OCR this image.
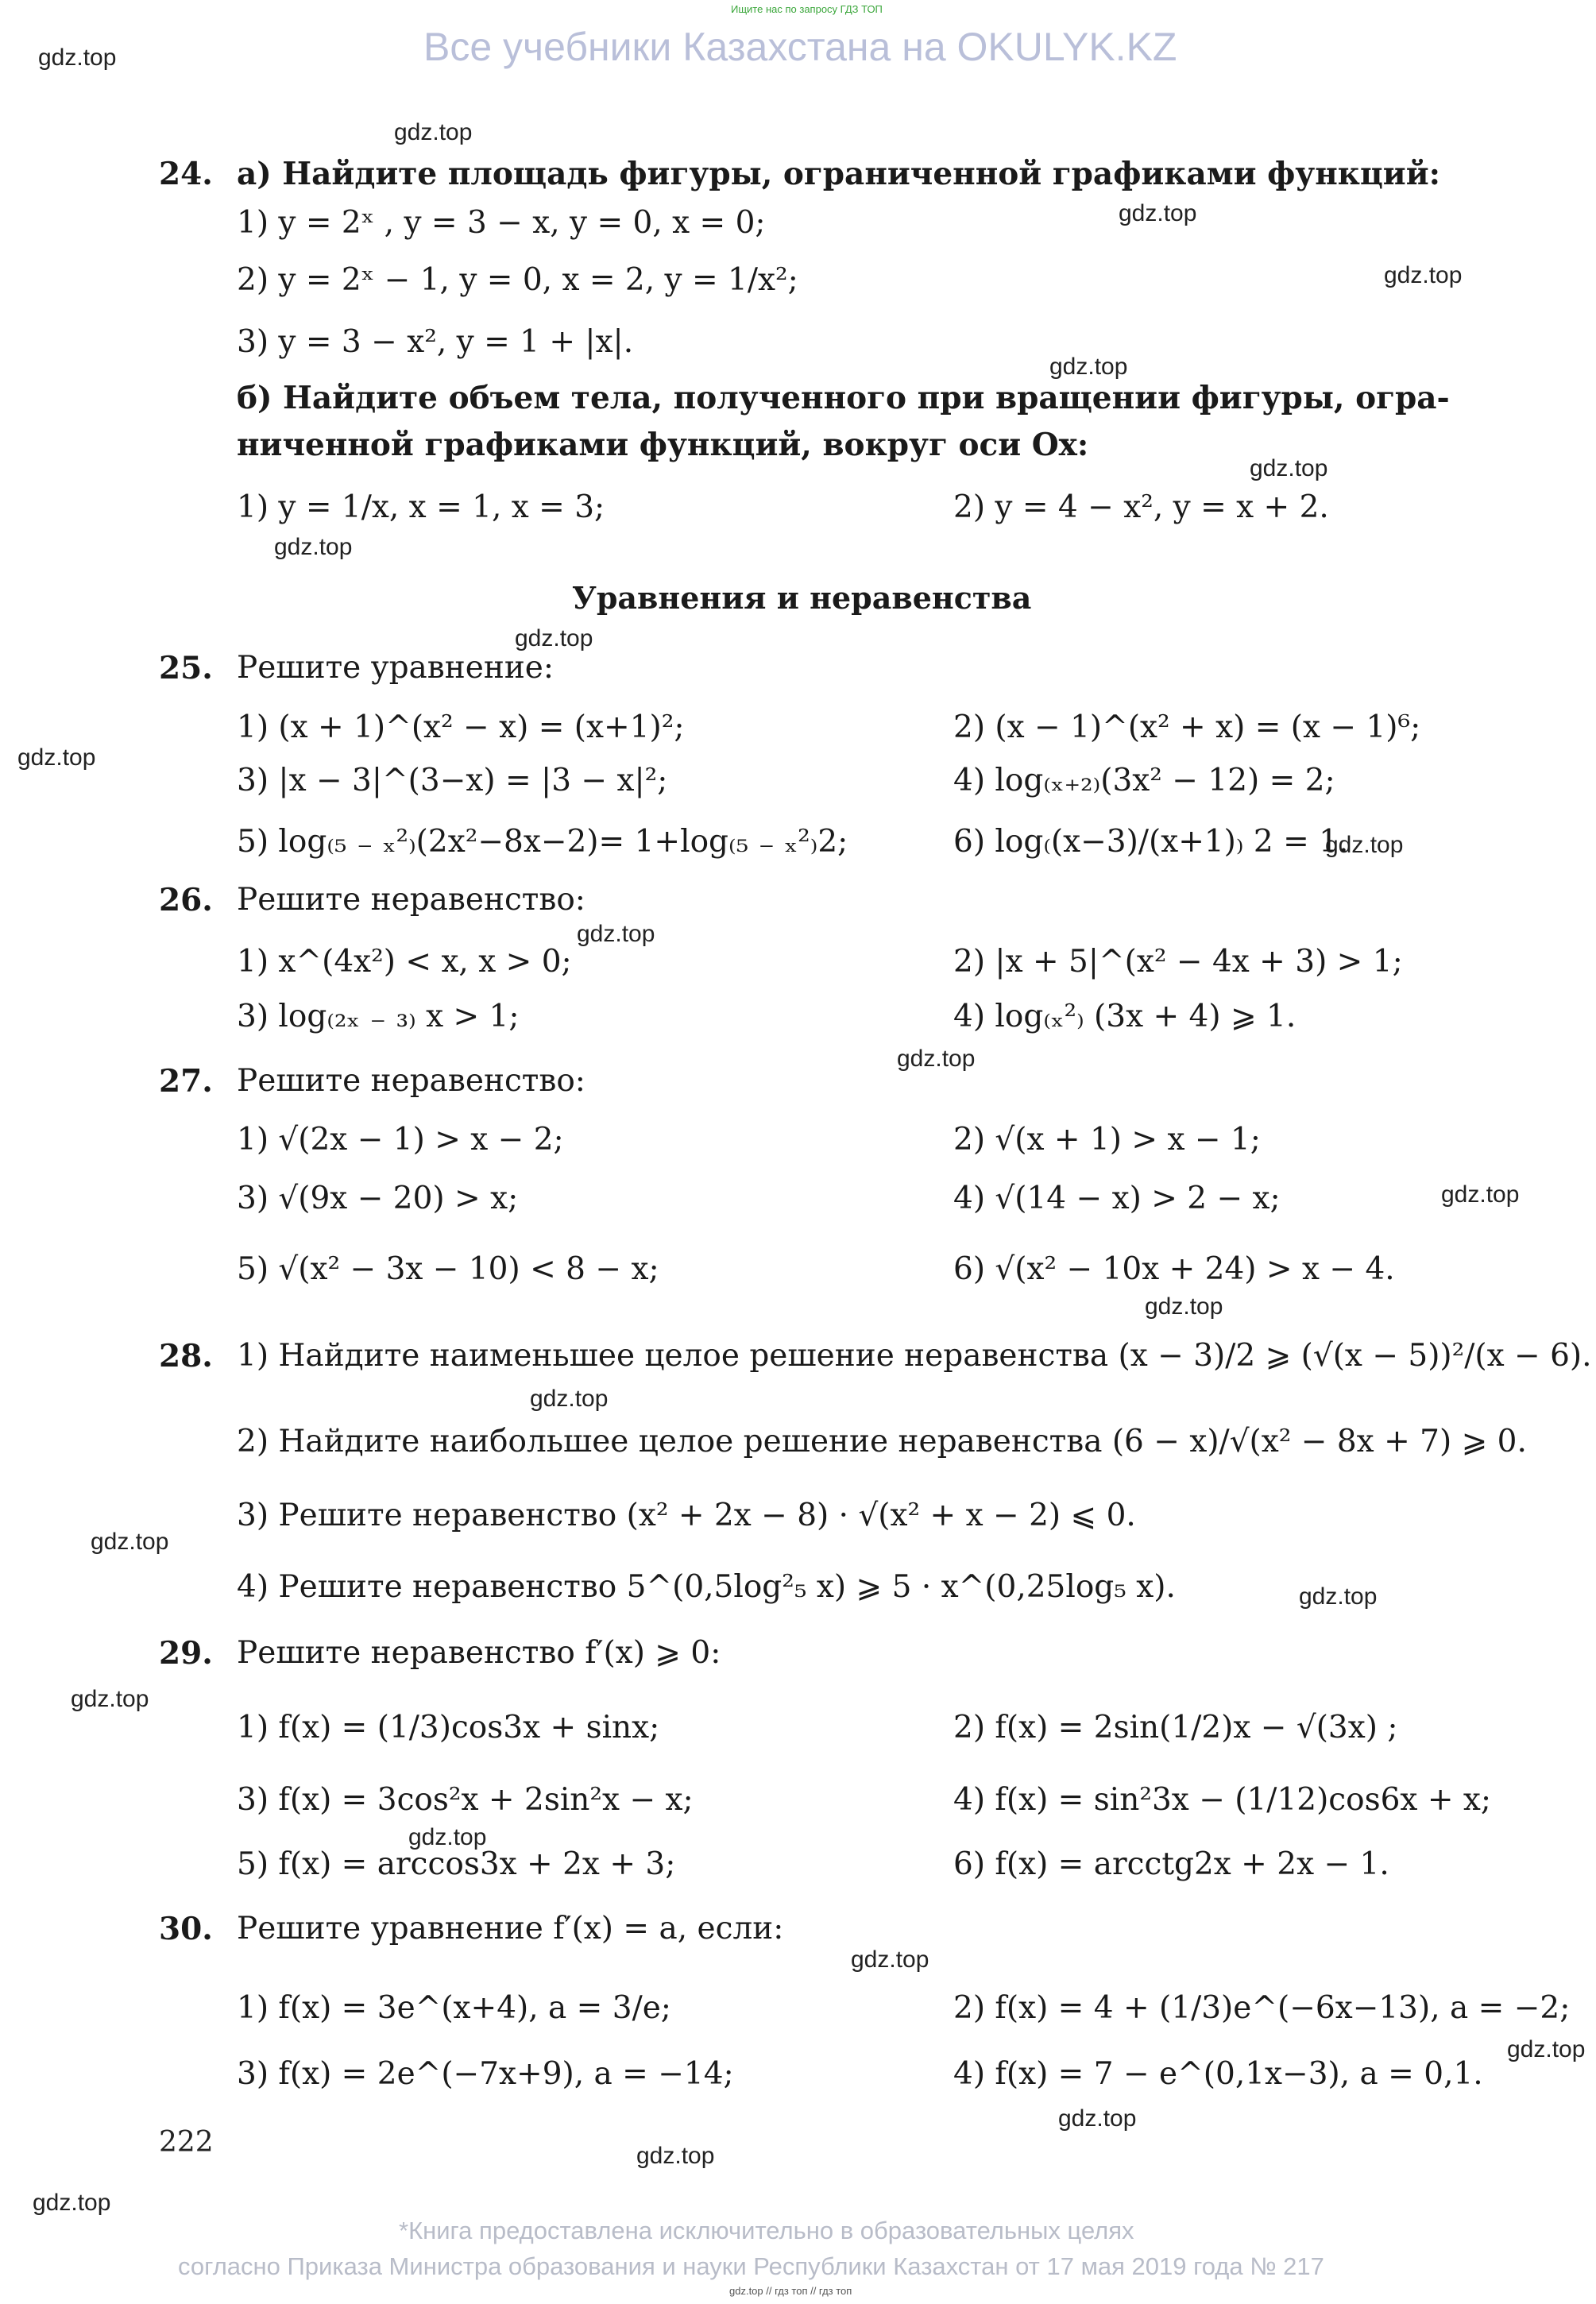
Ищите нас по запросу ГДЗ ТОП
Все учебники Казахстана на OKULYK.KZ
gdz.top
gdz.top
gdz.top
gdz.top
gdz.top
gdz.top
gdz.top
gdz.top
gdz.top
gdz.top
gdz.top
gdz.top
gdz.top
gdz.top
gdz.top
gdz.top
gdz.top
gdz.top
gdz.top
gdz.top
gdz.top
gdz.top
gdz.top
gdz.top
24. а) Найдите площадь фигуры, ограниченной графиками функций:
1) y = 2ˣ , y = 3 − x, y = 0, x = 0;
2) y = 2ˣ − 1, y = 0, x = 2, y = 1/x²;
3) y = 3 − x², y = 1 + |x|.
б) Найдите объем тела, полученного при вращении фигуры, огра-
ниченной графиками функций, вокруг оси Ox:
1) y = 1/x, x = 1, x = 3;	2) y = 4 − x², y = x + 2.
Уравнения и неравенства
25. Решите уравнение:
1) (x + 1)^(x² − x) = (x+1)²;	2) (x − 1)^(x² + x) = (x − 1)⁶;
3) |x − 3|^(3−x) = |3 − x|²;	4) log₍ₓ₊₂₎(3x² − 12) = 2;
5) log₍₅ ₋ ₓ²₎(2x²−8x−2)= 1+log₍₅ ₋ ₓ²₎2;	6) log₍(x−3)/(x+1)₎ 2 = 1.
26. Решите неравенство:
1) x^(4x²) < x, x > 0;	2) |x + 5|^(x² − 4x + 3) > 1;
3) log₍₂ₓ ₋ ₃₎ x > 1;	4) log₍ₓ²₎ (3x + 4) ⩾ 1.
27. Решите неравенство:
1) √(2x − 1) > x − 2;	2) √(x + 1) > x − 1;
3) √(9x − 20) > x;	4) √(14 − x) > 2 − x;
5) √(x² − 3x − 10) < 8 − x;	6) √(x² − 10x + 24) > x − 4.
28. 1) Найдите наименьшее целое решение неравенства (x − 3)/2 ⩾ (√(x − 5))²/(x − 6).
2) Найдите наибольшее целое решение неравенства (6 − x)/√(x² − 8x + 7) ⩾ 0.
3) Решите неравенство (x² + 2x − 8) · √(x² + x − 2) ⩽ 0.
4) Решите неравенство 5^(0,5log²₅ x) ⩾ 5 · x^(0,25log₅ x).
29. Решите неравенство f′(x) ⩾ 0:
1) f(x) = (1/3)cos3x + sinx;	2) f(x) = 2sin(1/2)x − √(3x) ;
3) f(x) = 3cos²x + 2sin²x − x;	4) f(x) = sin²3x − (1/12)cos6x + x;
5) f(x) = arccos3x + 2x + 3;	6) f(x) = arcctg2x + 2x − 1.
30. Решите уравнение f′(x) = a, если:
1) f(x) = 3e^(x+4), a = 3/e;	2) f(x) = 4 + (1/3)e^(−6x−13), a = −2;
3) f(x) = 2e^(−7x+9), a = −14;	4) f(x) = 7 − e^(0,1x−3), a = 0,1.
222
*Книга предоставлена исключительно в образовательных целях
согласно Приказа Министра образования и науки Республики Казахстан от 17 мая 2019 года № 217
gdz.top // гдз топ // гдз топ
